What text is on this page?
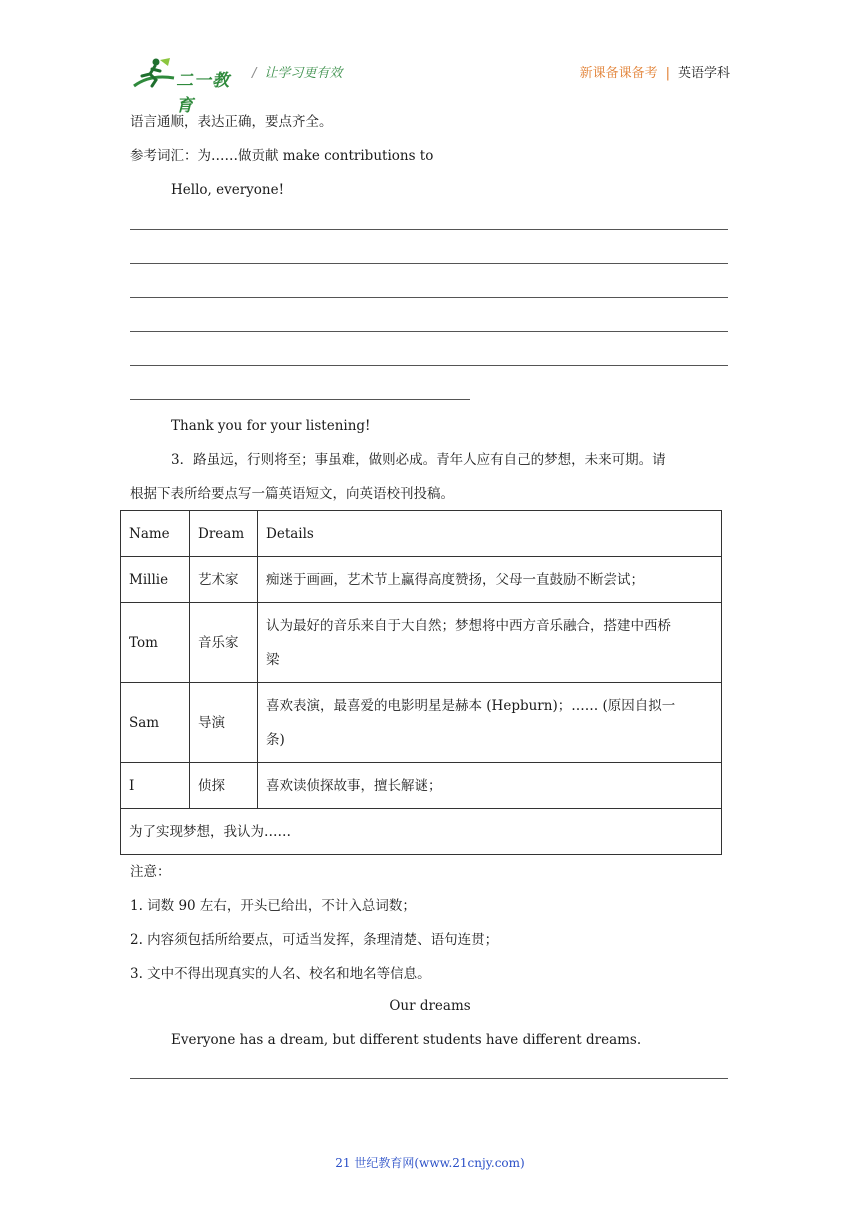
二一教育
/ 让学习更有效	新课备课备考 | 英语学科
语言通顺，表达正确，要点齐全。
参考词汇：为……做贡献 make contributions to
Hello, everyone!
Thank you for your listening!
3．路虽远，行则将至；事虽难，做则必成。青年人应有自己的梦想，未来可期。请
根据下表所给要点写一篇英语短文，向英语校刊投稿。
Name	Dream	Details
Millie	艺术家	痴迷于画画，艺术节上赢得高度赞扬，父母一直鼓励不断尝试；
Tom	音乐家	认为最好的音乐来自于大自然；梦想将中西方音乐融合，搭建中西桥
梁

Sam	导演	喜欢表演，最喜爱的电影明星是赫本 (Hepburn)；…… (原因自拟一
条)

I	侦探	喜欢读侦探故事，擅长解谜；
为了实现梦想，我认为……		
注意：
1. 词数 90 左右，开头已给出，不计入总词数；
2. 内容须包括所给要点，可适当发挥，条理清楚、语句连贯；
3. 文中不得出现真实的人名、校名和地名等信息。
Our dreams
Everyone has a dream, but different students have different dreams.
21 世纪教育网(www.21cnjy.com)
